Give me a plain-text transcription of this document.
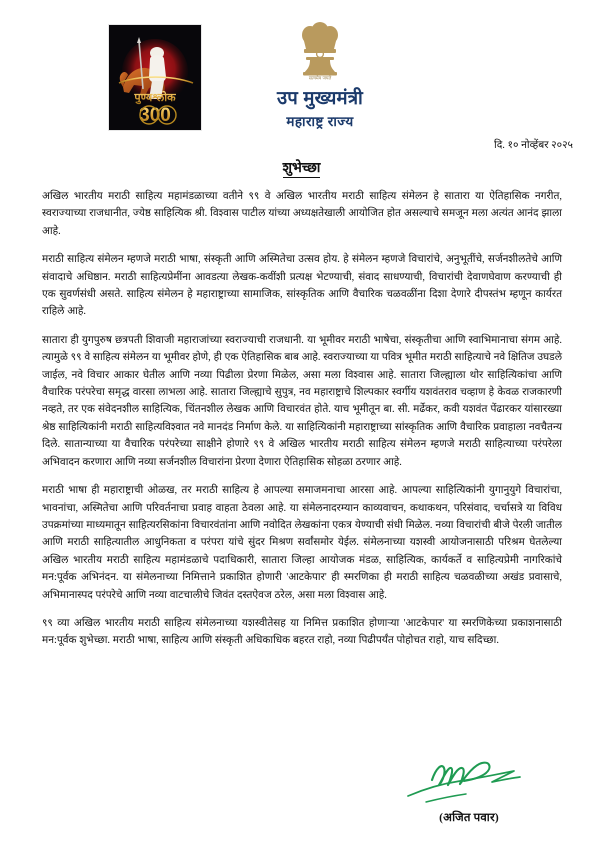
पुण्यश्लोक
300
सत्यमेव जयते
उप मुख्यमंत्री
महाराष्ट्र राज्य
दि. १० नोव्हेंबर २०२५
शुभेच्छा

अखिल भारतीय मराठी साहित्य महामंडळाच्या वतीने ९९ वे अखिल भारतीय मराठी साहित्य संमेलन हे सातारा या ऐतिहासिक नगरीत, स्वराज्याच्या राजधानीत, ज्येष्ठ साहित्यिक श्री. विश्वास पाटील यांच्या अध्यक्षतेखाली आयोजित होत असल्याचे समजून मला अत्यंत आनंद झाला आहे.

मराठी साहित्य संमेलन म्हणजे मराठी भाषा, संस्कृती आणि अस्मितेचा उत्सव होय. हे संमेलन म्हणजे विचारांचे, अनुभूतींचे, सर्जनशीलतेचे आणि संवादाचे अधिष्ठान. मराठी साहित्यप्रेमींना आवडत्या लेखक-कवींशी प्रत्यक्ष भेटण्याची, संवाद साधण्याची, विचारांची देवाणघेवाण करण्याची ही एक सुवर्णसंधी असते. साहित्य संमेलन हे महाराष्ट्राच्या सामाजिक, सांस्कृतिक आणि वैचारिक चळवळींना दिशा देणारे दीपस्तंभ म्हणून कार्यरत राहिले आहे.

सातारा ही युगपुरुष छत्रपती शिवाजी महाराजांच्या स्वराज्याची राजधानी. या भूमीवर मराठी भाषेचा, संस्कृतीचा आणि स्वाभिमानाचा संगम आहे. त्यामुळे ९९ वे साहित्य संमेलन या भूमीवर होणे, ही एक ऐतिहासिक बाब आहे. स्वराज्याच्या या पवित्र भूमीत मराठी साहित्याचे नवे क्षितिज उघडले जाईल, नवे विचार आकार घेतील आणि नव्या पिढीला प्रेरणा मिळेल, असा मला विश्वास आहे. सातारा जिल्ह्याला थोर साहित्यिकांचा आणि वैचारिक परंपरेचा समृद्ध वारसा लाभला आहे. सातारा जिल्ह्याचे सुपुत्र, नव महाराष्ट्राचे शिल्पकार स्वर्गीय यशवंतराव चव्हाण हे केवळ राजकारणी नव्हते, तर एक संवेदनशील साहित्यिक, चिंतनशील लेखक आणि विचारवंत होते. याच भूमीतून बा. सी. मर्ढेकर, कवी यशवंत पेंढारकर यांसारख्या श्रेष्ठ साहित्यिकांनी मराठी साहित्यविश्वात नवे मानदंड निर्माण केले. या साहित्यिकांनी महाराष्ट्राच्या सांस्कृतिक आणि वैचारिक प्रवाहाला नवचैतन्य दिले. सातान्याच्या या वैचारिक परंपरेच्या साक्षीने होणारे ९९ वे अखिल भारतीय मराठी साहित्य संमेलन म्हणजे मराठी साहित्याच्या परंपरेला अभिवादन करणारा आणि नव्या सर्जनशील विचारांना प्रेरणा देणारा ऐतिहासिक सोहळा ठरणार आहे.

मराठी भाषा ही महाराष्ट्राची ओळख, तर मराठी साहित्य हे आपल्या समाजमनाचा आरसा आहे. आपल्या साहित्यिकांनी युगानुयुगे विचारांचा, भावनांचा, अस्मितेचा आणि परिवर्तनाचा प्रवाह वाहता ठेवला आहे. या संमेलनादरम्यान काव्यवाचन, कथाकथन, परिसंवाद, चर्चासत्रे या विविध उपक्रमांच्या माध्यमातून साहित्यरसिकांना विचारवंतांना आणि नवोदित लेखकांना एकत्र येण्याची संधी मिळेल. नव्या विचारांची बीजे पेरली जातील आणि मराठी साहित्यातील आधुनिकता व परंपरा यांचे सुंदर मिश्रण सर्वांसमोर येईल. संमेलनाच्या यशस्वी आयोजनासाठी परिश्रम घेतलेल्या अखिल भारतीय मराठी साहित्य महामंडळाचे पदाधिकारी, सातारा जिल्हा आयोजक मंडळ, साहित्यिक, कार्यकर्ते व साहित्यप्रेमी नागरिकांचे मन:पूर्वक अभिनंदन. या संमेलनाच्या निमित्ताने प्रकाशित होणारी 'आटकेपार' ही स्मरणिका ही मराठी साहित्य चळवळीच्या अखंड प्रवासाचे, अभिमानास्पद परंपरेचे आणि नव्या वाटचालीचे जिवंत दस्तऐवज ठरेल, असा मला विश्वास आहे.

९९ व्या अखिल भारतीय मराठी साहित्य संमेलनाच्या यशस्वीतेसह या निमित्त प्रकाशित होणाऱ्या 'आटकेपार' या स्मरणिकेच्या प्रकाशनासाठी मन:पूर्वक शुभेच्छा. मराठी भाषा, साहित्य आणि संस्कृती अधिकाधिक बहरत राहो, नव्या पिढीपर्यंत पोहोचत राहो, याच सदिच्छा.

(अजित पवार)
